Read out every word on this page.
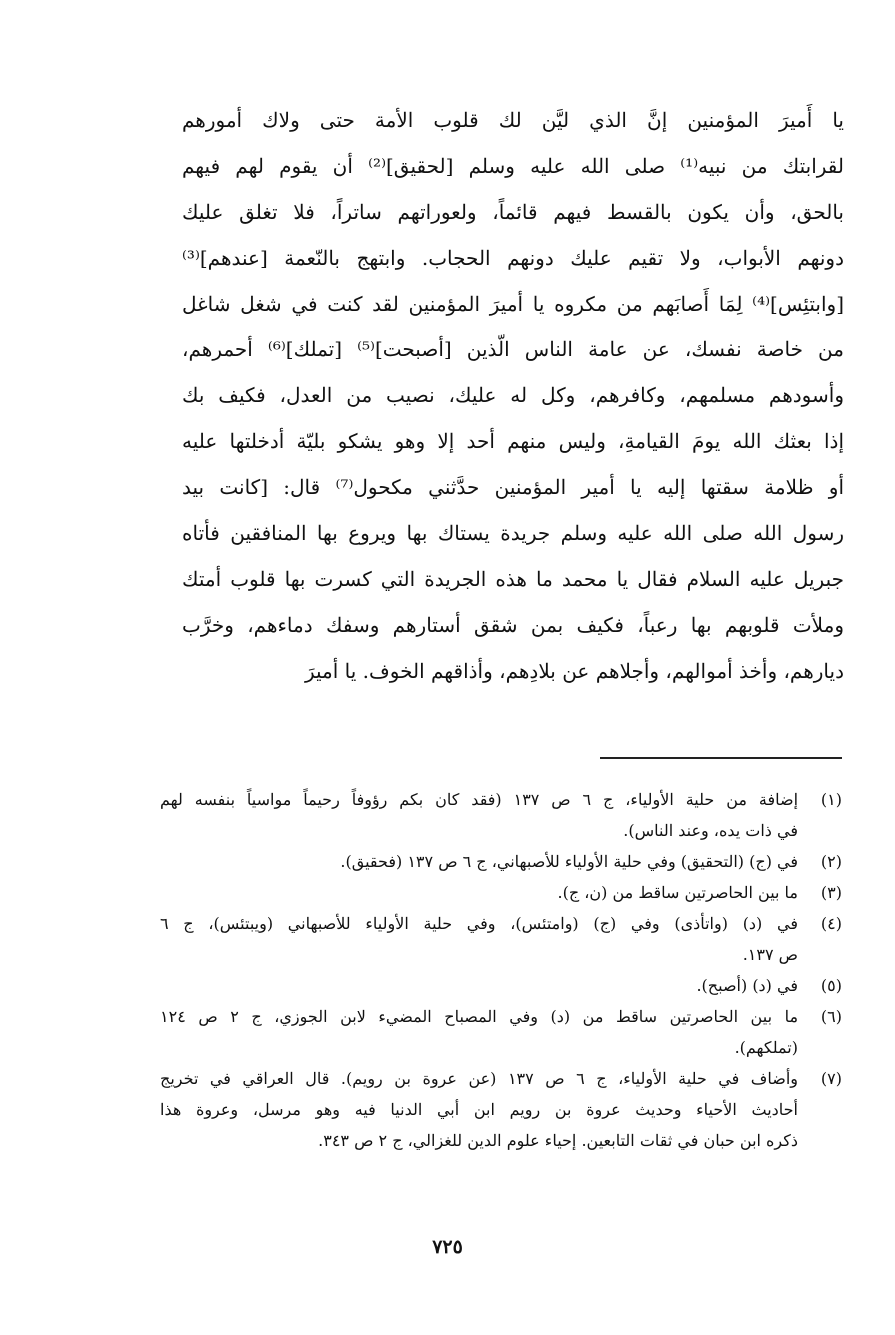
يا أَميرَ المؤمنين إنَّ الذي ليَّن لك قلوب الأمة حتى ولاك أمورهم
لقرابتك من نبيه⁽¹⁾ صلى الله عليه وسلم [لحقيق]⁽²⁾ أن يقوم لهم فيهم
بالحق، وأن يكون بالقسط فيهم قائماً، ولعوراتهم ساتراً، فلا تغلق عليك
دونهم الأبواب، ولا تقيم عليك دونهم الحجاب. وابتهج بالنّعمة [عندهم]⁽³⁾
[وابتئِس]⁽⁴⁾ لِمَا أَصابَهم من مكروه يا أميرَ المؤمنين لقد كنت في شغل شاغل
من خاصة نفسك، عن عامة الناس الّذين [أصبحت]⁽⁵⁾ [تملك]⁽⁶⁾ أحمرهم،
وأسودهم مسلمهم، وكافرهم، وكل له عليك، نصيب من العدل، فكيف بك
إذا بعثك الله يومَ القيامةِ، وليس منهم أحد إلا وهو يشكو بليّة أدخلتها عليه
أو ظلامة سقتها إليه يا أمير المؤمنين حدَّثني مكحول⁽⁷⁾ قال: [كانت بيد
رسول الله صلى الله عليه وسلم جريدة يستاك بها ويروع بها المنافقين فأتاه
جبريل عليه السلام فقال يا محمد ما هذه الجريدة التي كسرت بها قلوب أمتك
وملأت قلوبهم بها رعباً، فكيف بمن شقق أستارهم وسفك دماءهم، وخرَّب
ديارهم، وأخذ أموالهم، وأجلاهم عن بلادِهم، وأذاقهم الخوف. يا أميرَ
(١)
إضافة من حلية الأولياء، ج ٦ ص ١٣٧ (فقد كان بكم رؤوفاً رحيماً مواسياً بنفسه لهم
في ذات يده، وعند الناس).
(٢)
في (ج) (التحقيق) وفي حلية الأولياء للأصبهاني، ج ٦ ص ١٣٧ (فحقيق).
(٣)
ما بين الحاصرتين ساقط من (ن، ج).
(٤)
في (د) (واتأذى) وفي (ج) (وامتئس)، وفي حلية الأولياء للأصبهاني (ويبتئس)، ج ٦
ص ١٣٧.
(٥)
في (د) (أصبح).
(٦)
ما بين الحاصرتين ساقط من (د) وفي المصباح المضيء لابن الجوزي، ج ٢ ص ١٢٤
(تملكهم).
(٧)
وأضاف في حلية الأولياء، ج ٦ ص ١٣٧ (عن عروة بن رويم). قال العراقي في تخريج
أحاديث الأحياء وحديث عروة بن رويم ابن أبي الدنيا فيه وهو مرسل، وعروة هذا
ذكره ابن حبان في ثقات التابعين. إحياء علوم الدين للغزالي، ج ٢ ص ٣٤٣.
٧٢٥
